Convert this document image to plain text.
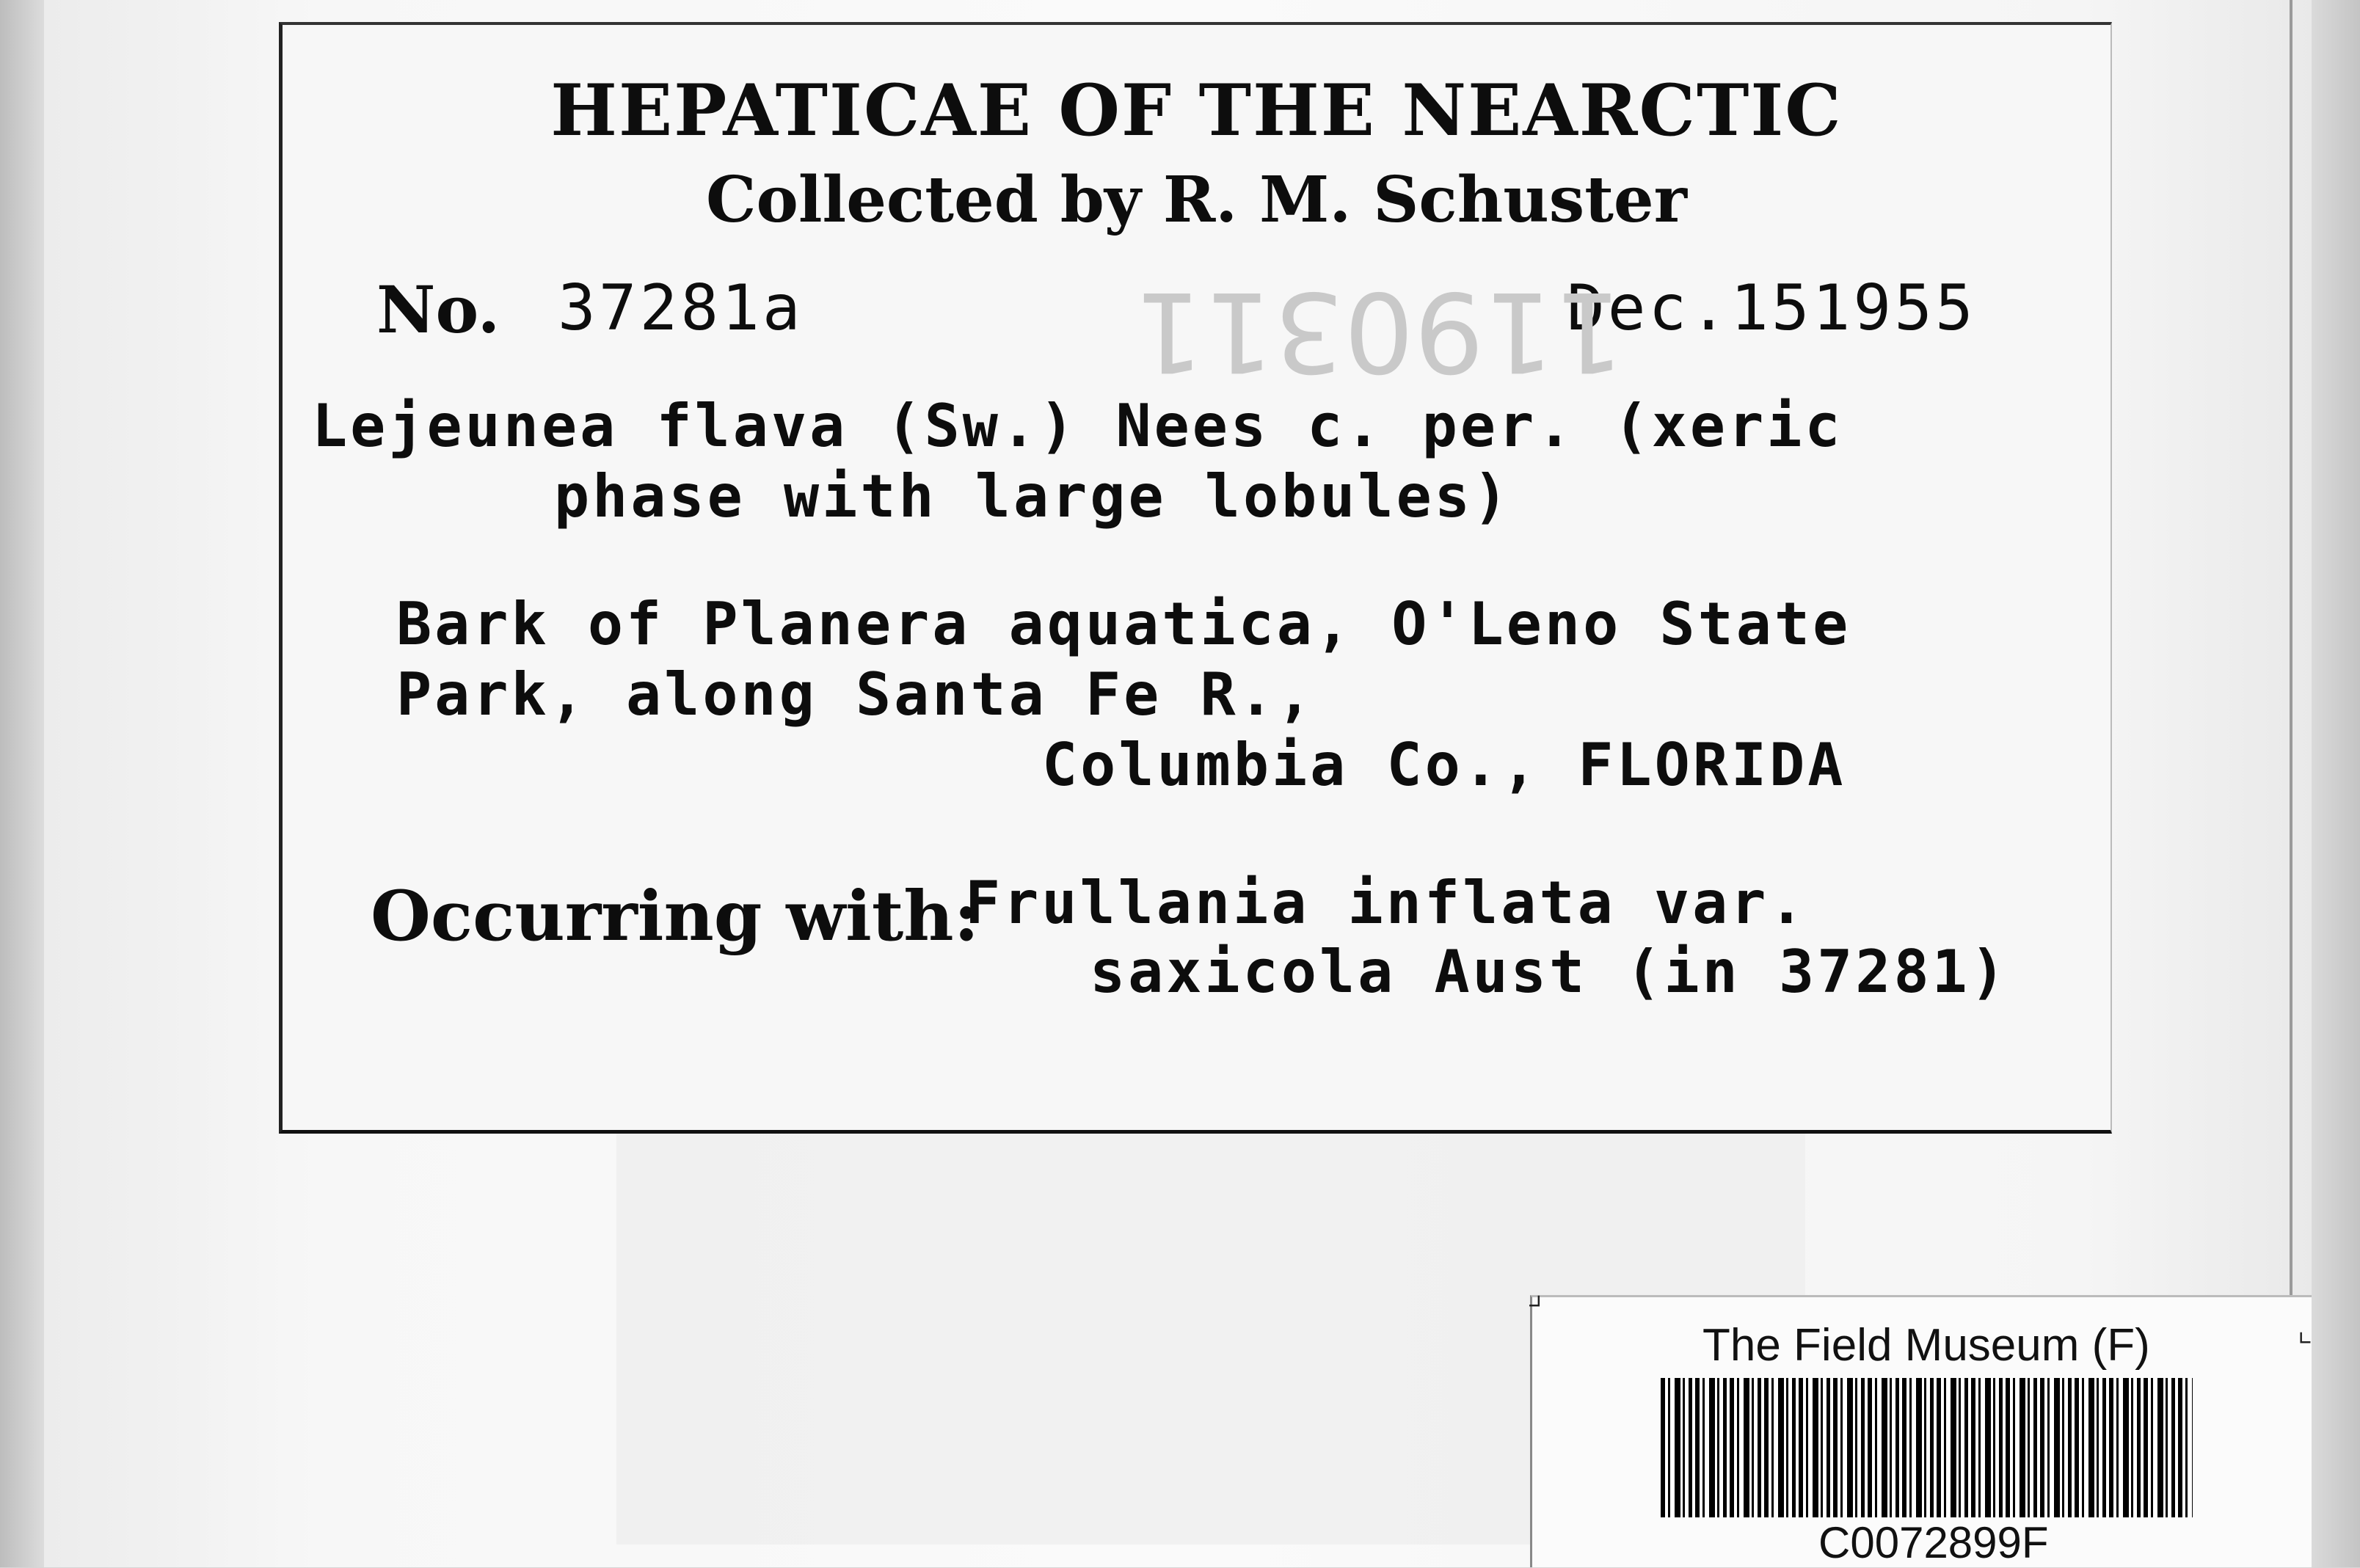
HEPATICAE OF THE NEARCTIC
Collected by R. M. Schuster
No. 37281a	Dec.151955
1190311
Lejeunea flava (Sw.) Nees c. per. (xeric
phase with large lobules)
Bark of Planera aquatica, O'Leno State
Park, along Santa Fe R.,
Columbia Co., FLORIDA
Occurring with:
Frullania inflata var.
saxicola Aust (in 37281)
⌟
⌞
The Field Museum (F)
C0072899F
